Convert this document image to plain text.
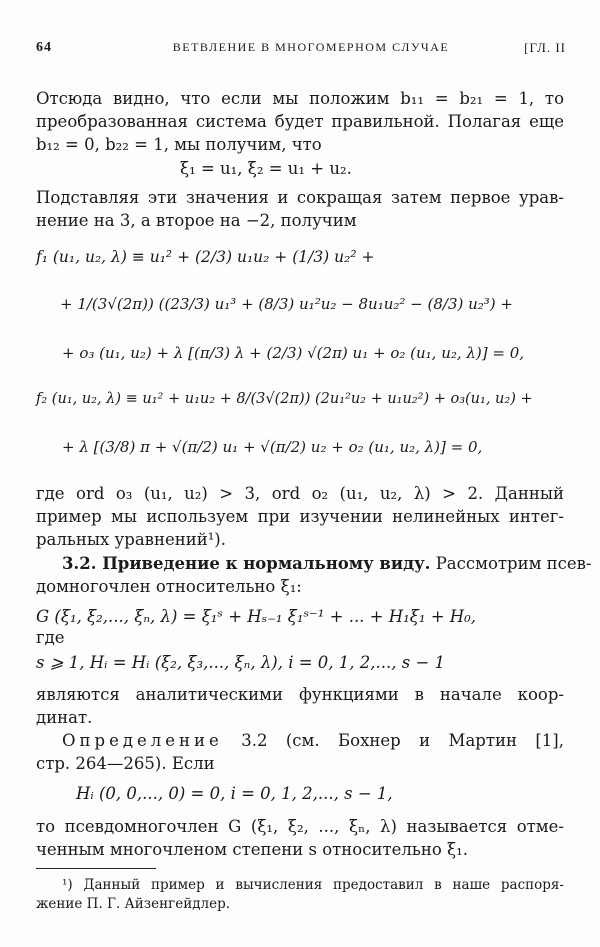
64	ВЕТВЛЕНИЕ В МНОГОМЕРНОМ СЛУЧАЕ	[ГЛ. II
Отсюда видно, что если мы положим b₁₁ = b₂₁ = 1, то
преобразованная система будет правильной. Полагая еще
b₁₂ = 0, b₂₂ = 1, мы получим, что
ξ₁ = u₁, ξ₂ = u₁ + u₂.
Подставляя эти значения и сокращая затем первое урав-
нение на 3, а второе на −2, получим
f₁ (u₁, u₂, λ) ≡ u₁² + (2/3) u₁u₂ + (1/3) u₂² +
+ 1/(3√(2π)) ((23/3) u₁³ + (8/3) u₁²u₂ − 8u₁u₂² − (8/3) u₂³) +
+ o₃ (u₁, u₂) + λ [(π/3) λ + (2/3) √(2π) u₁ + o₂ (u₁, u₂, λ)] = 0,
f₂ (u₁, u₂, λ) ≡ u₁² + u₁u₂ + 8/(3√(2π)) (2u₁²u₂ + u₁u₂²) + o₃(u₁, u₂) +
+ λ [(3/8) π + √(π/2) u₁ + √(π/2) u₂ + o₂ (u₁, u₂, λ)] = 0,
где ord o₃ (u₁, u₂) > 3, ord o₂ (u₁, u₂, λ) > 2. Данный
пример мы используем при изучении нелинейных интег-
ральных уравнений¹).
3.2. Приведение к нормальному виду. Рассмотрим псев-
домногочлен относительно ξ₁:
G (ξ₁, ξ₂,..., ξₙ, λ) = ξ₁ˢ + Hₛ₋₁ ξ₁ˢ⁻¹ + ... + H₁ξ₁ + H₀,
где
s ⩾ 1, Hᵢ = Hᵢ (ξ₂, ξ₃,..., ξₙ, λ), i = 0, 1, 2,..., s − 1
являются аналитическими функциями в начале коор-
динат.
Определение 3.2 (см. Бохнер и Мартин [1],
стр. 264—265). Если
Hᵢ (0, 0,..., 0) = 0, i = 0, 1, 2,..., s − 1,
то псевдомногочлен G (ξ₁, ξ₂, ..., ξₙ, λ) называется отме-
ченным многочленом степени s относительно ξ₁.
¹) Данный пример и вычисления предоставил в наше распоря-
жение П. Г. Айзенгейдлер.
